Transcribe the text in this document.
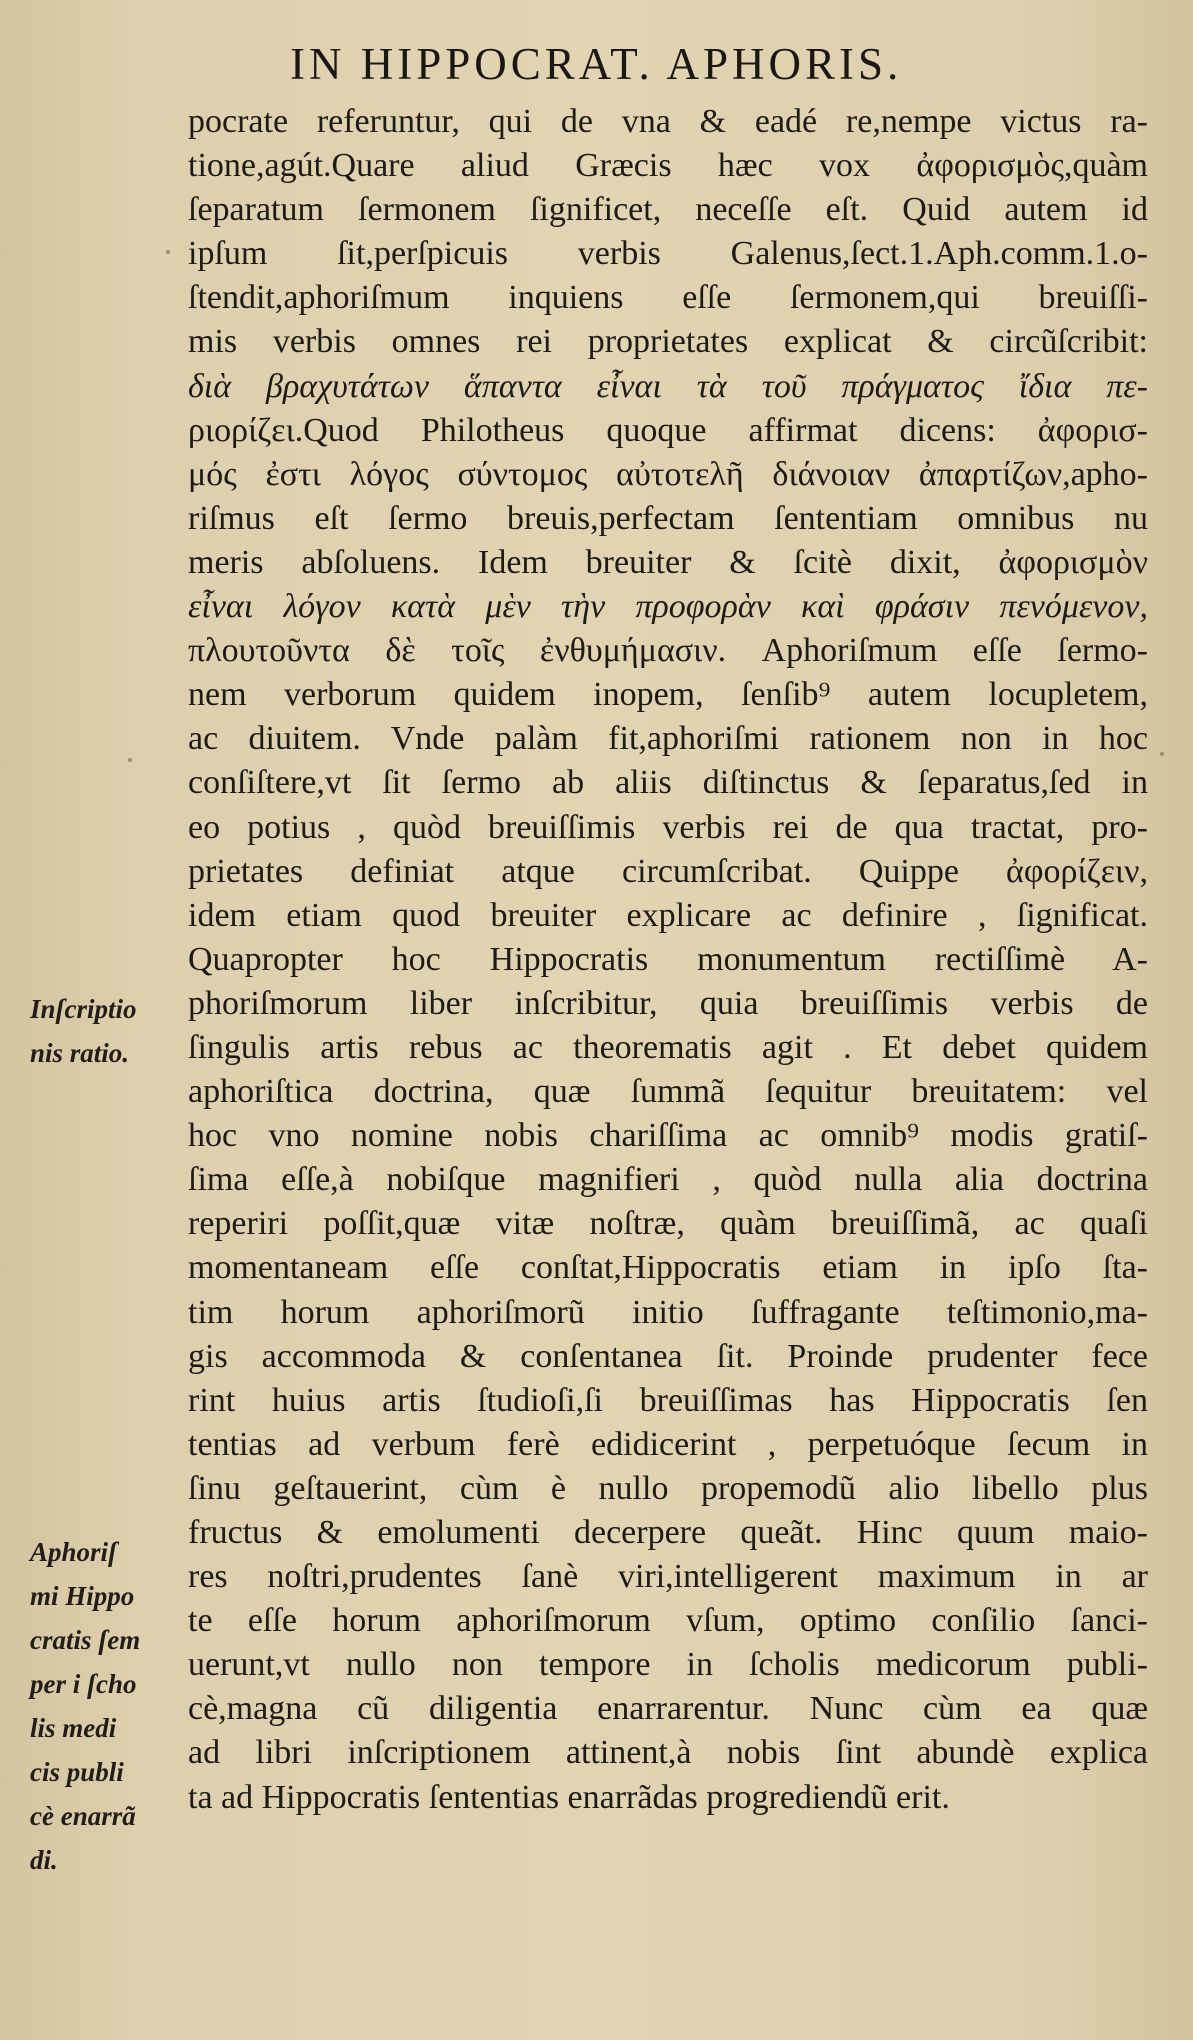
IN HIPPOCRAT. APHORIS.
pocrate referuntur, qui de vna & eadé re,nempe victus ra-
tione,agút.Quare aliud Græcis hæc vox ἀφορισμὸς,quàm
ſeparatum ſermonem ſignificet, neceſſe eſt. Quid autem id
ipſum ſit,perſpicuis verbis Galenus,ſect.1.Aph.comm.1.o-
ſtendit,aphoriſmum inquiens eſſe ſermonem,qui breuiſſi-
mis verbis omnes rei proprietates explicat & circũſcribit:
διὰ βραχυτάτων ἅπαντα εἶναι τὰ τοῦ πράγματος ἴδια πε-
ριορίζει.Quod Philotheus quoque affirmat dicens: ἀφορισ-
μός ἐστι λόγος σύντομος αὐτοτελῆ διάνοιαν ἀπαρτίζων,apho-
riſmus eſt ſermo breuis,perfectam ſententiam omnibus nu
meris abſoluens. Idem breuiter & ſcitè dixit, ἀφορισμὸν
εἶναι λόγον κατὰ μὲν τὴν προφορὰν καὶ φράσιν πενόμενον,
πλουτοῦντα δὲ τοῖς ἐνθυμήμασιν. Aphoriſmum eſſe ſermo-
nem verborum quidem inopem, ſenſib⁹ autem locupletem,
ac diuitem. Vnde palàm fit,aphoriſmi rationem non in hoc
conſiſtere,vt ſit ſermo ab aliis diſtinctus & ſeparatus,ſed in
eo potius , quòd breuiſſimis verbis rei de qua tractat, pro-
prietates definiat atque circumſcribat. Quippe ἀφορίζειν,
idem etiam quod breuiter explicare ac definire , ſignificat.
Quapropter hoc Hippocratis monumentum rectiſſimè A-
phoriſmorum liber inſcribitur, quia breuiſſimis verbis de
ſingulis artis rebus ac theorematis agit . Et debet quidem
aphoriſtica doctrina, quæ ſummã ſequitur breuitatem: vel
hoc vno nomine nobis chariſſima ac omnib⁹ modis gratiſ-
ſima eſſe,à nobiſque magnifieri , quòd nulla alia doctrina
reperiri poſſit,quæ vitæ noſtræ, quàm breuiſſimã, ac quaſi
momentaneam eſſe conſtat,Hippocratis etiam in ipſo ſta-
tim horum aphoriſmorũ initio ſuffragante teſtimonio,ma-
gis accommoda & conſentanea ſit. Proinde prudenter fece
rint huius artis ſtudioſi,ſi breuiſſimas has Hippocratis ſen
tentias ad verbum ferè edidicerint , perpetuóque ſecum in
ſinu geſtauerint, cùm è nullo propemodũ alio libello plus
fructus & emolumenti decerpere queãt. Hinc quum maio-
res noſtri,prudentes ſanè viri,intelligerent maximum in ar
te eſſe horum aphoriſmorum vſum, optimo conſilio ſanci-
uerunt,vt nullo non tempore in ſcholis medicorum publi-
cè,magna cũ diligentia enarrarentur. Nunc cùm ea quæ
ad libri inſcriptionem attinent,à nobis ſint abundè explica
ta ad Hippocratis ſententias enarrãdas progrediendũ erit.
Inſcriptio
nis ratio.
Aphoriſ
mi Hippo
cratis ſem
per i ſcho
lis medi
cis publi
cè enarrã
di.
